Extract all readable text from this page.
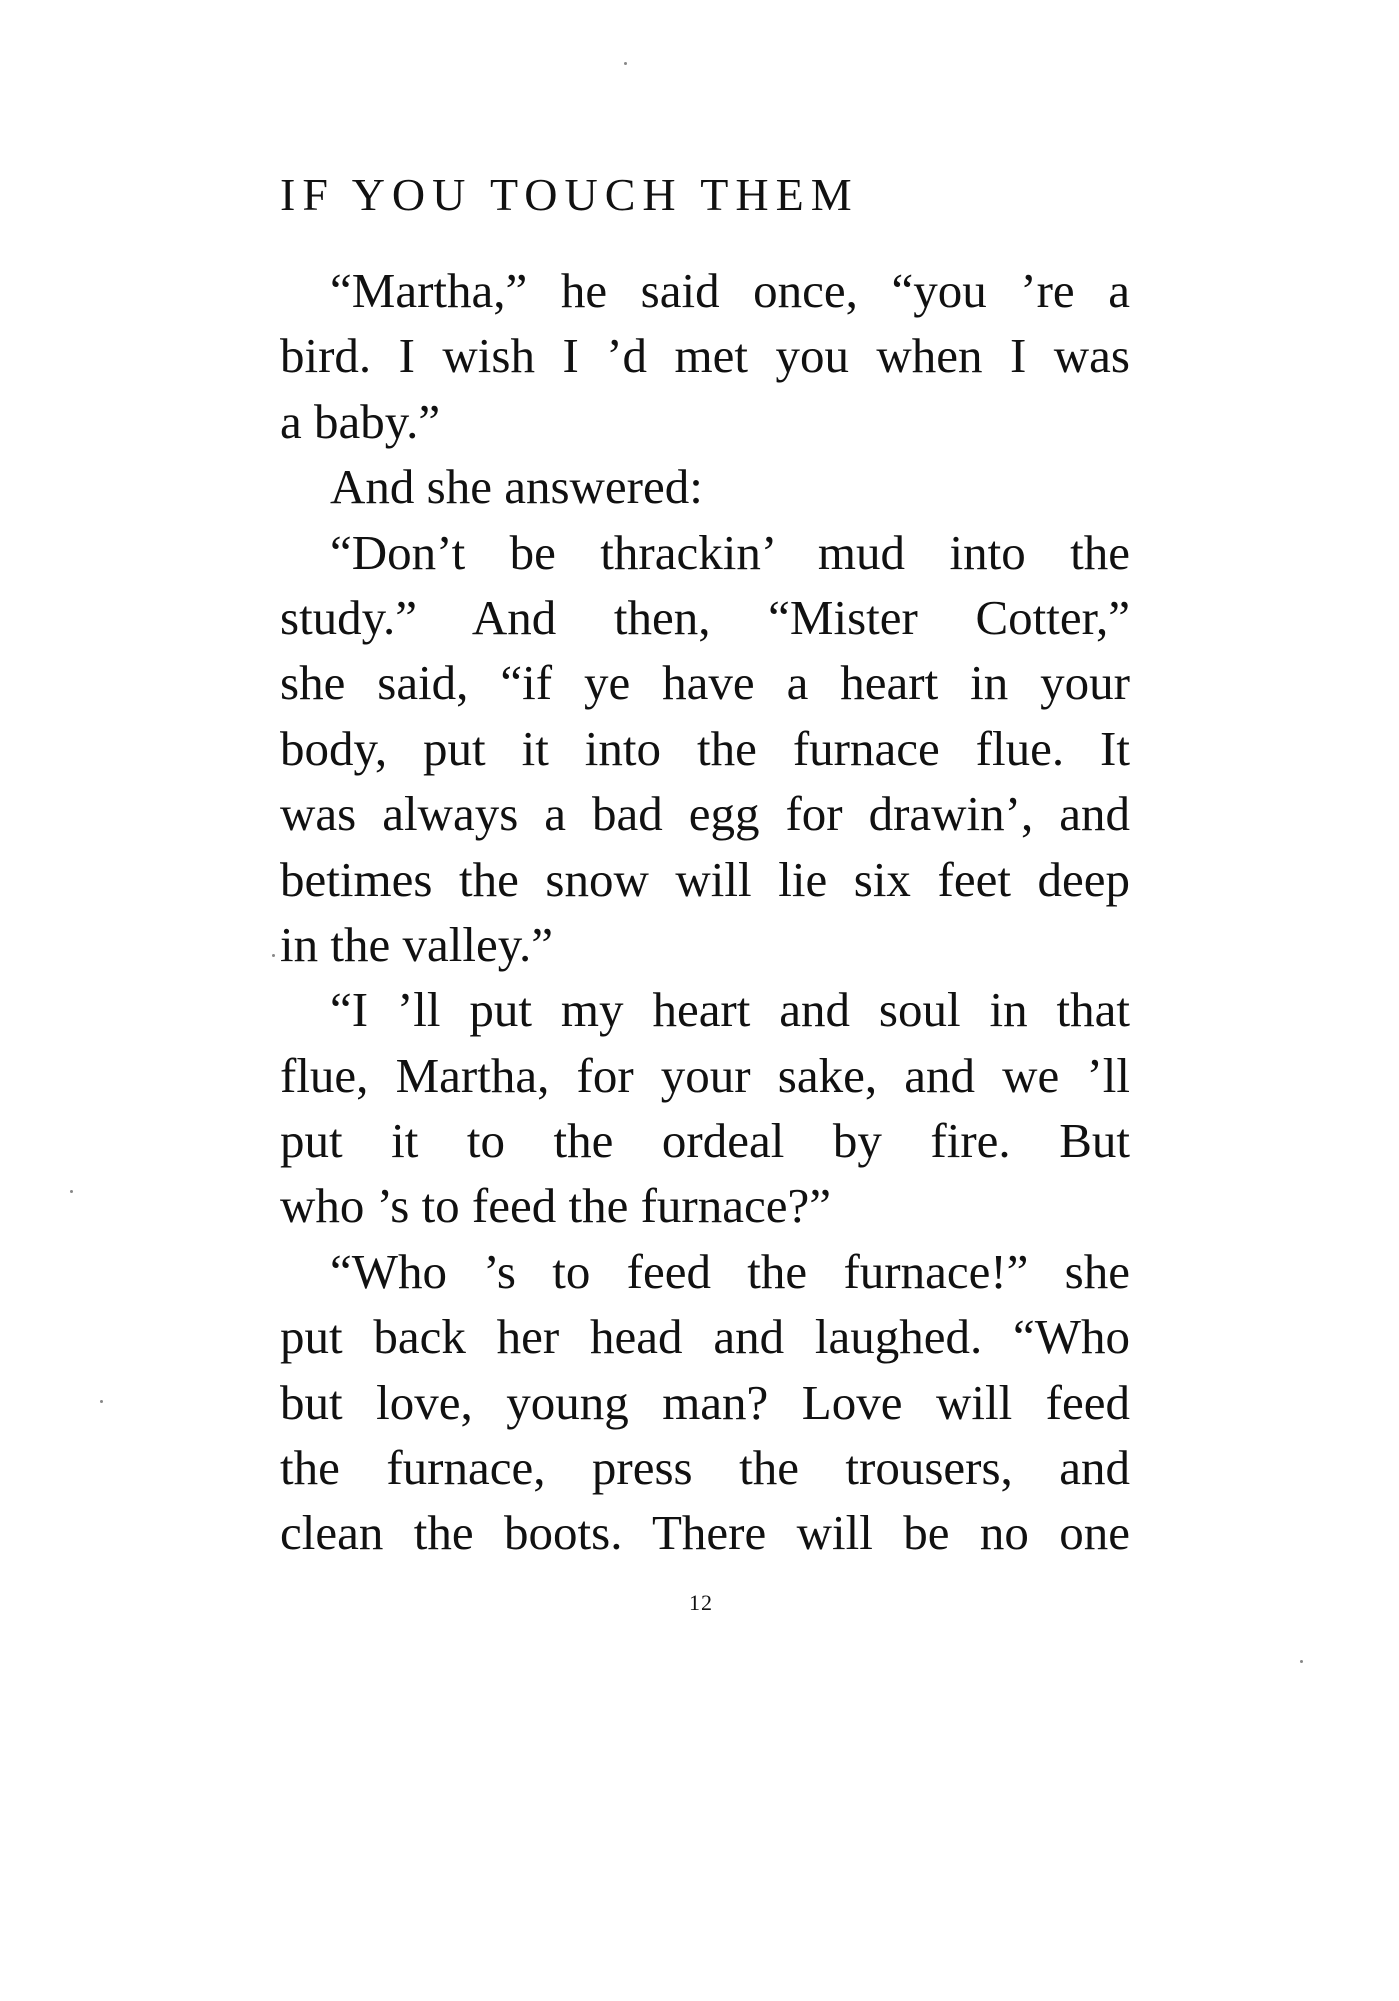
IF YOU TOUCH THEM
“Martha,” he said once, “you ’re a
bird. I wish I ’d met you when I was
a baby.”
And she answered:
“Don’t be thrackin’ mud into the
study.” And then, “Mister Cotter,”
she said, “if ye have a heart in your
body, put it into the furnace flue. It
was always a bad egg for drawin’, and
betimes the snow will lie six feet deep
in the valley.”
“I ’ll put my heart and soul in that
flue, Martha, for your sake, and we ’ll
put it to the ordeal by fire. But
who ’s to feed the furnace?”
“Who ’s to feed the furnace!” she
put back her head and laughed. “Who
but love, young man? Love will feed
the furnace, press the trousers, and
clean the boots. There will be no one

12
